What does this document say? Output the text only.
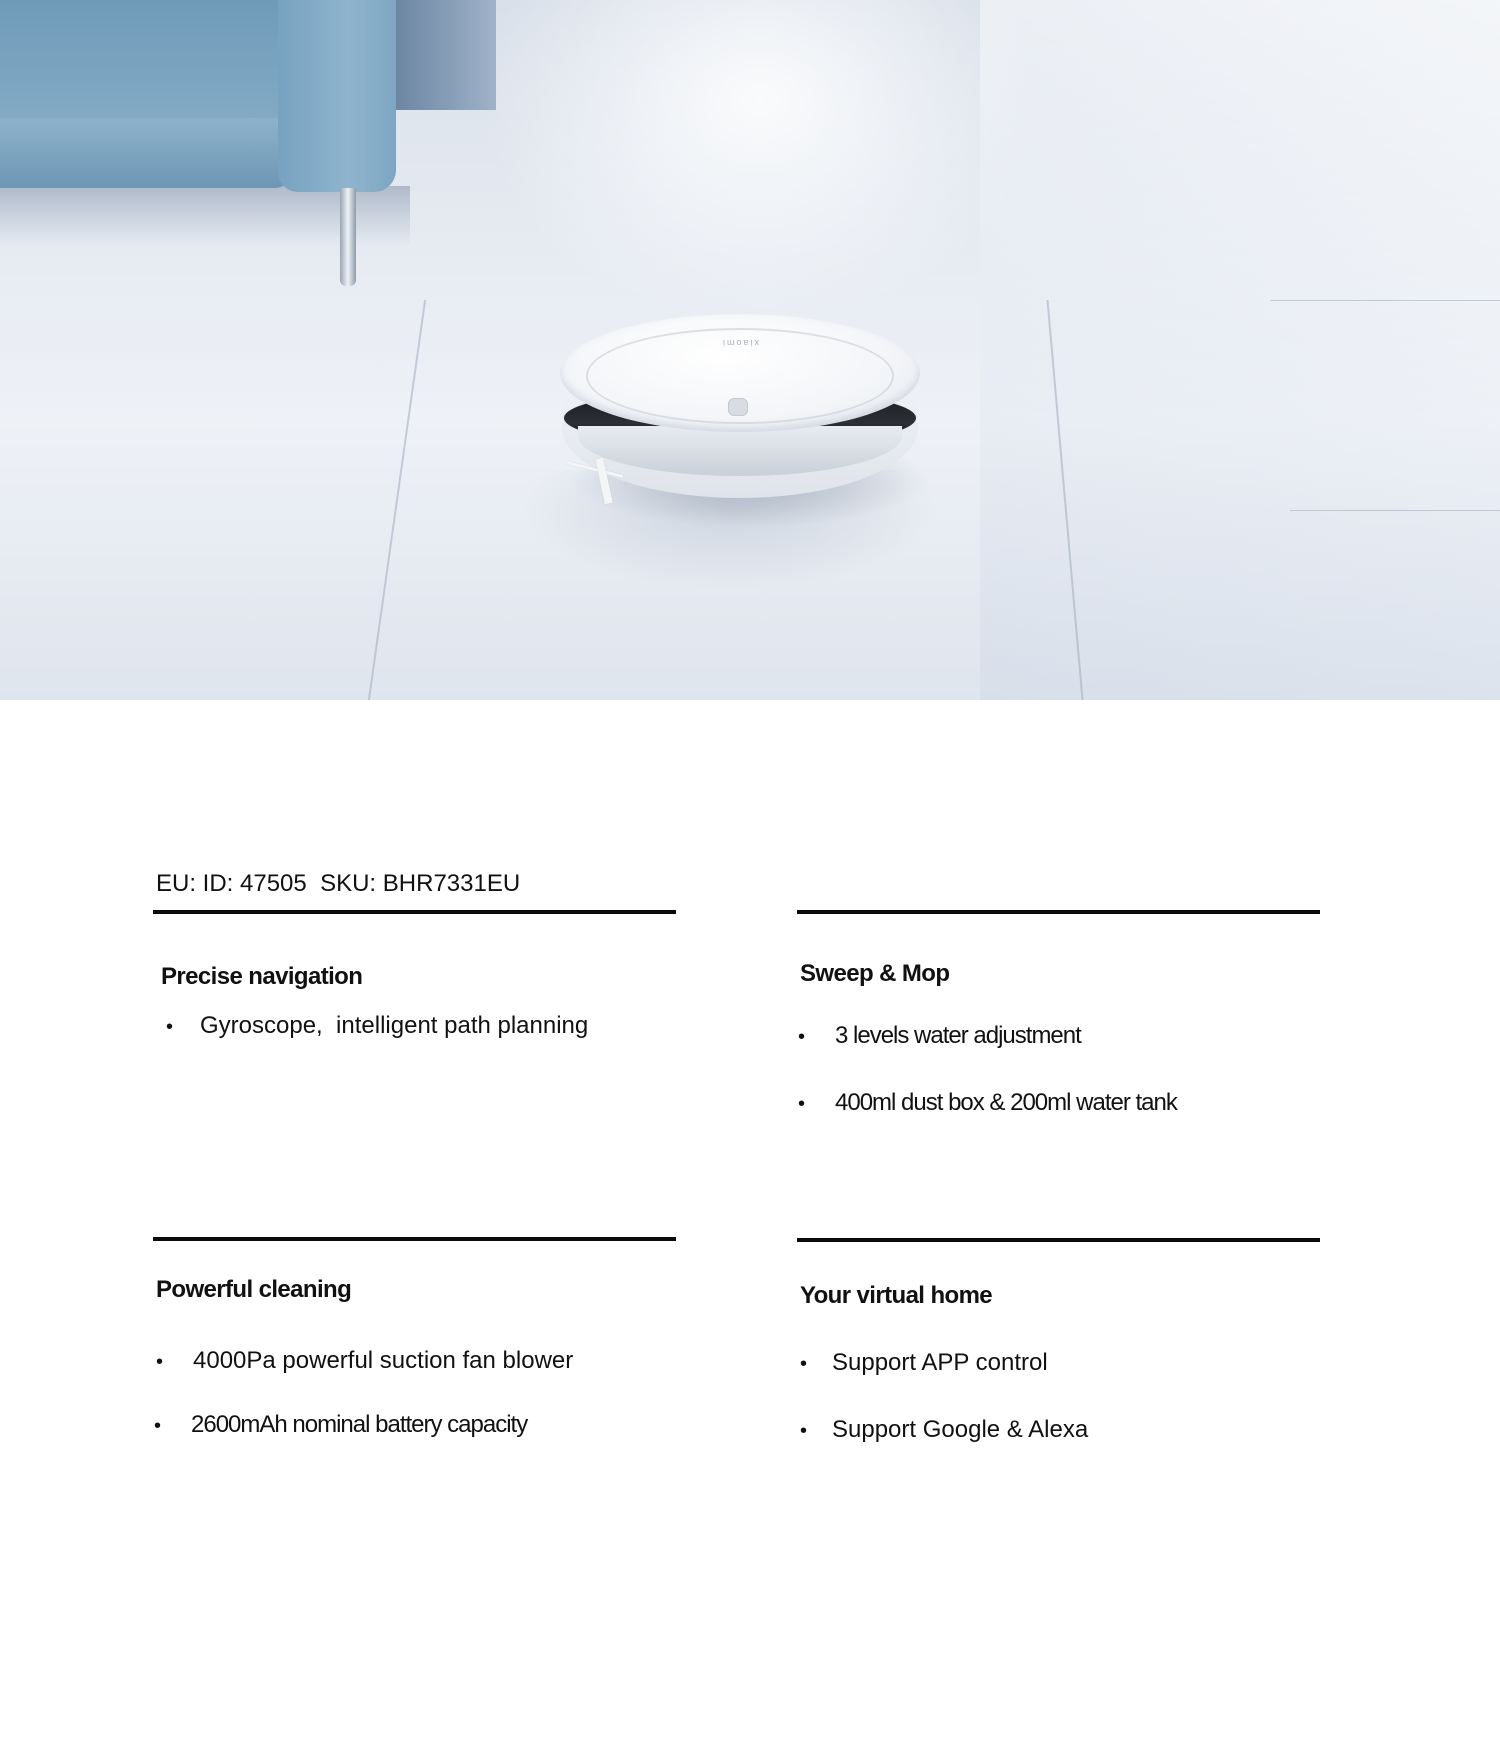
xiaomi
EU: ID: 47505  SKU: BHR7331EU
Precise navigation
•	Gyroscope,  intelligent path planning
Sweep & Mop
•	3 levels water adjustment
•	400ml dust box & 200ml water tank
Powerful cleaning
•	4000Pa powerful suction fan blower
•	2600mAh nominal battery capacity
Your virtual home
•	Support APP control
•	Support Google & Alexa
